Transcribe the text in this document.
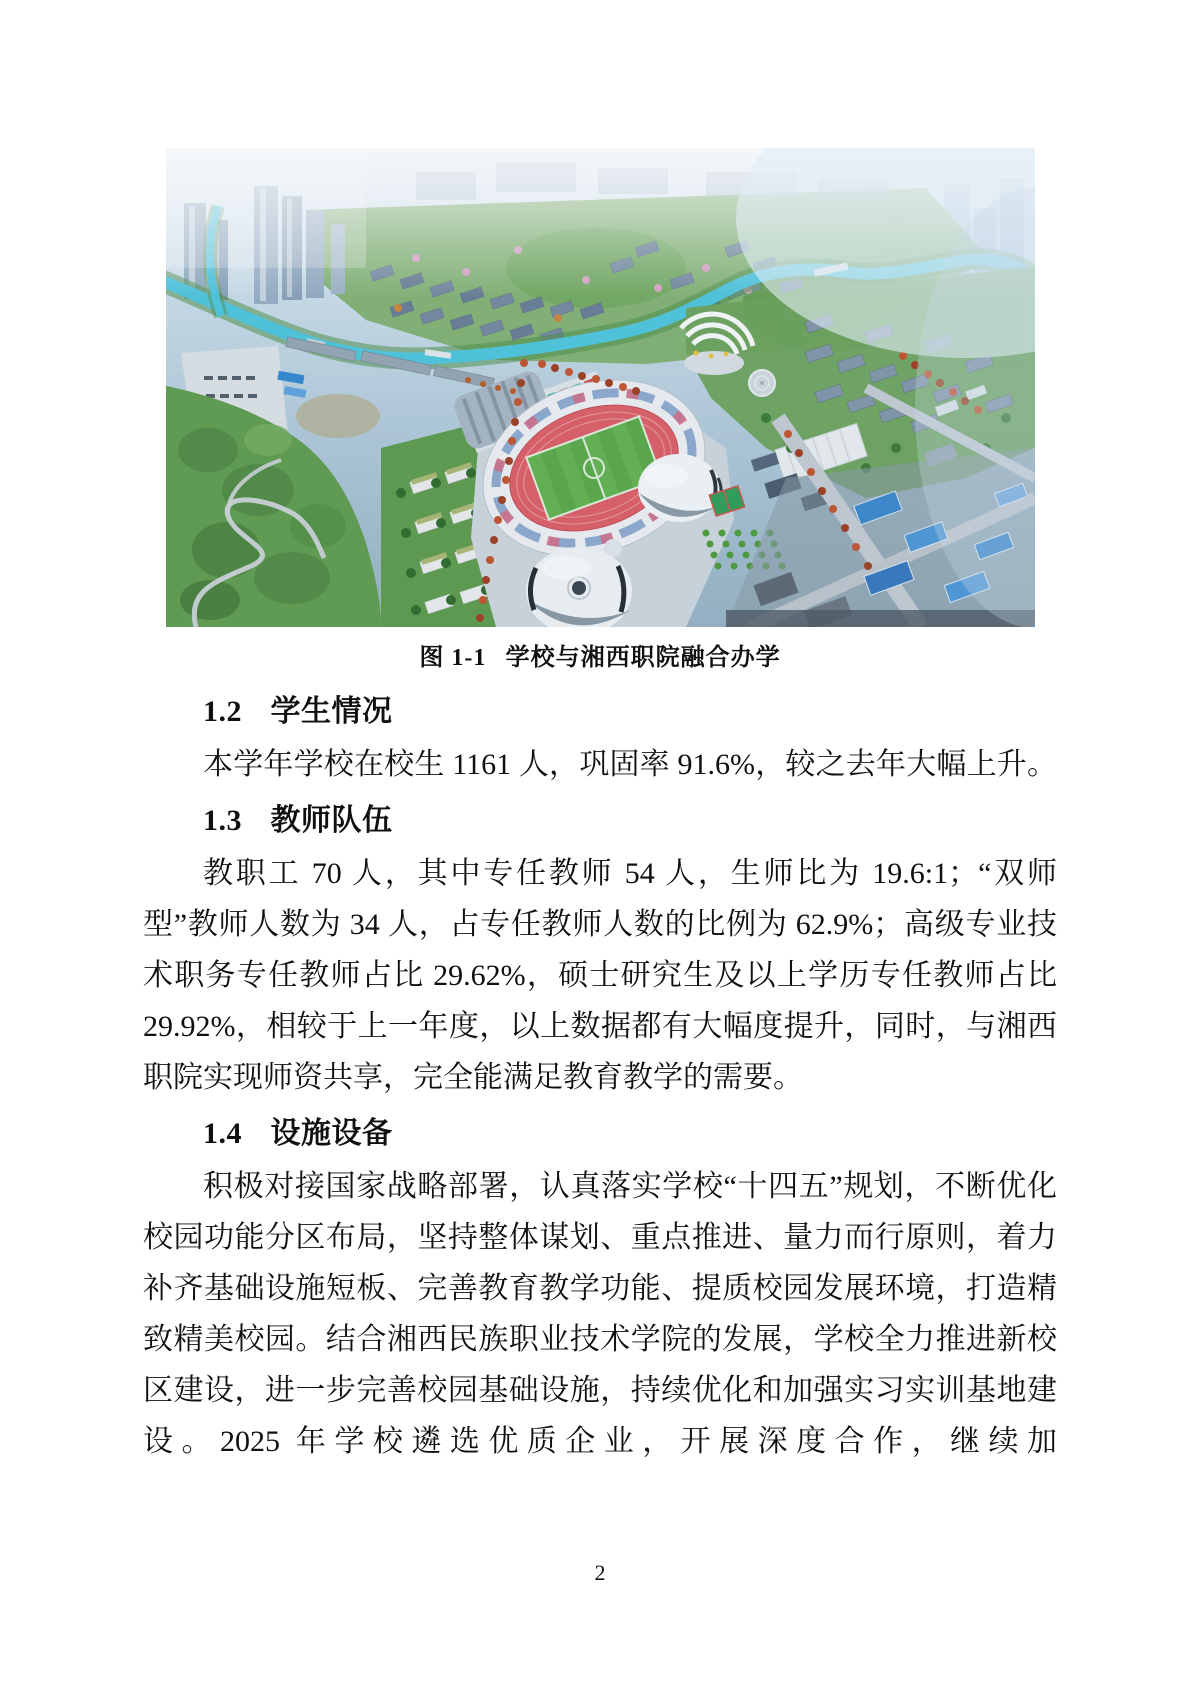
图 1-1 学校与湘西职院融合办学
1.2 学生情况

本学年学校在校生 1161 人，巩固率 91.6%，较之去年大幅上升。

1.3 教师队伍

教职工 70 人，其中专任教师 54 人，生师比为 19.6:1；“双师型”教师人数为 34 人，占专任教师人数的比例为 62.9%；高级专业技术职务专任教师占比 29.62%，硕士研究生及以上学历专任教师占比 29.92%，相较于上一年度，以上数据都有大幅度提升，同时，与湘西职院实现师资共享，完全能满足教育教学的需要。

1.4 设施设备

积极对接国家战略部署，认真落实学校“十四五”规划，不断优化校园功能分区布局，坚持整体谋划、重点推进、量力而行原则，着力补齐基础设施短板、完善教育教学功能、提质校园发展环境，打造精致精美校园。结合湘西民族职业技术学院的发展，学校全力推进新校区建设，进一步完善校园基础设施，持续优化和加强实习实训基地建设。2025 年学校遴选优质企业，开展深度合作，继续加

2
